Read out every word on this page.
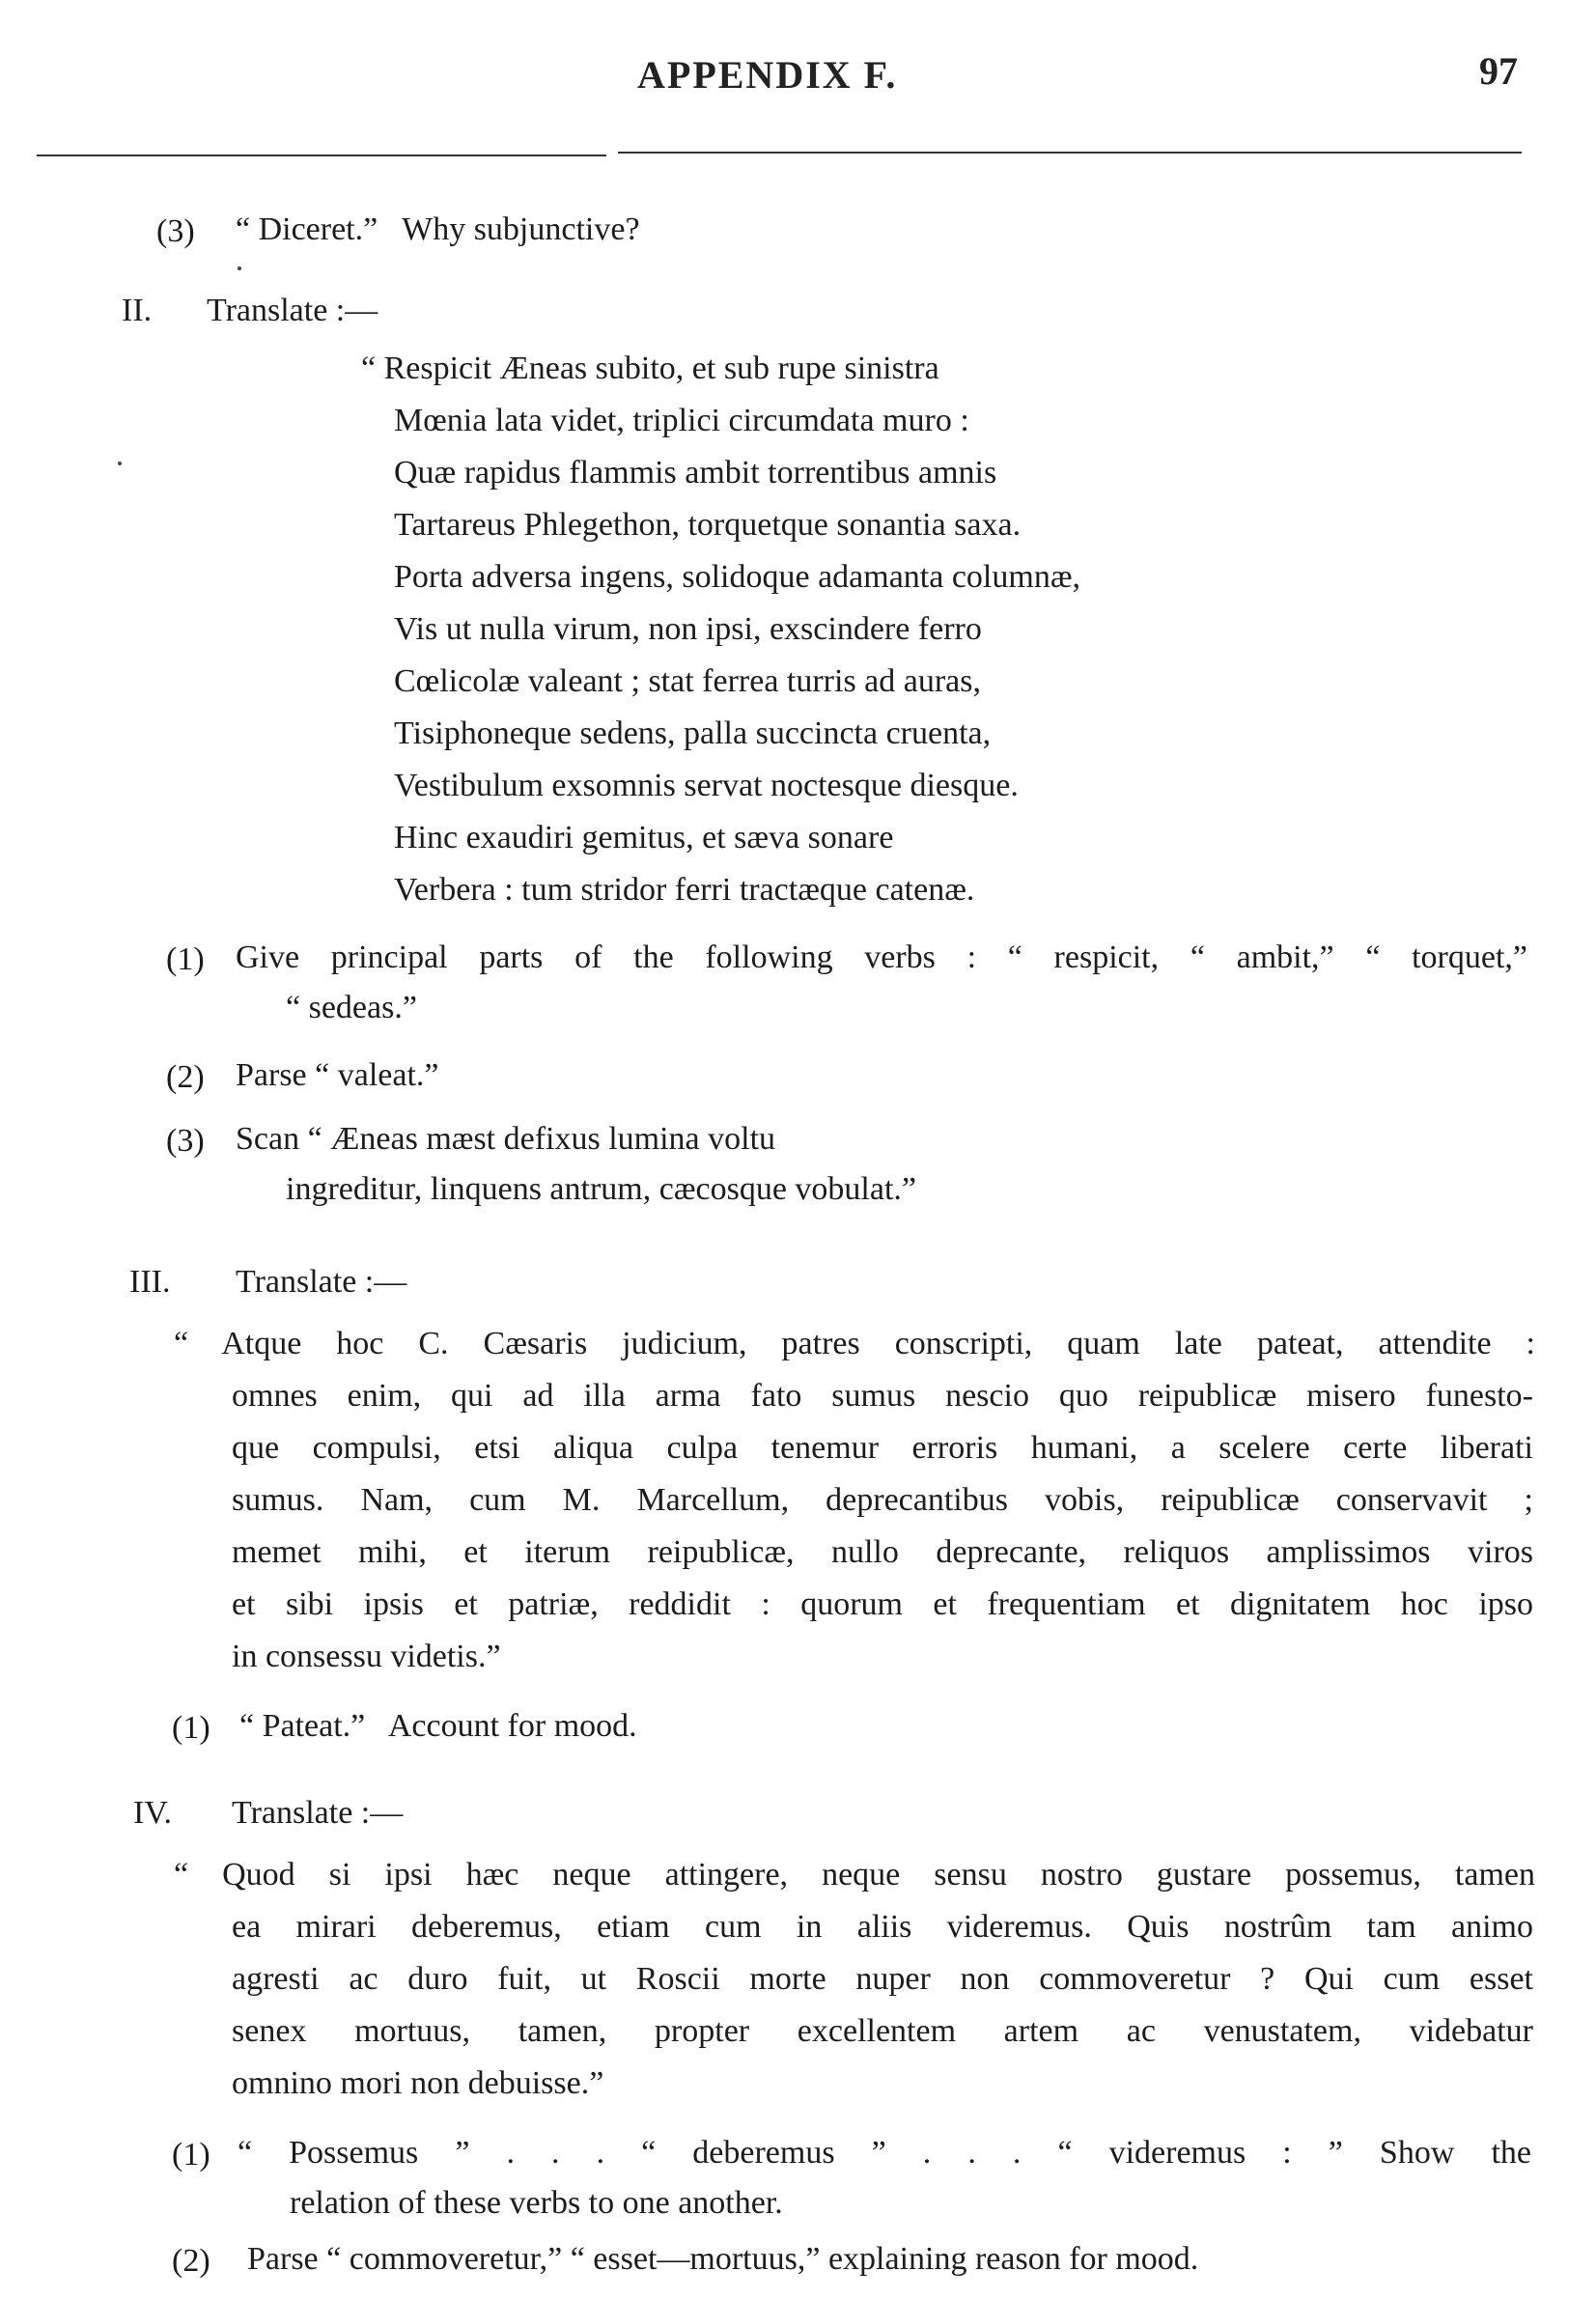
APPENDIX F.	97
(3) “ Diceret.”   Why subjunctive?
II. Translate :—
“ Respicit Æneas subito, et sub rupe sinistra
Mœnia lata videt, triplici circumdata muro :
Quæ rapidus flammis ambit torrentibus amnis
Tartareus Phlegethon, torquetque sonantia saxa.
Porta adversa ingens, solidoque adamanta columnæ,
Vis ut nulla virum, non ipsi, exscindere ferro
Cœlicolæ valeant ; stat ferrea turris ad auras,
Tisiphoneque sedens, palla succincta cruenta,
Vestibulum exsomnis servat noctesque diesque.
Hinc exaudiri gemitus, et sæva sonare
Verbera : tum stridor ferri tractæque catenæ.
(1) Give principal parts of the following verbs : “ respicit, “ ambit,” “ torquet,”
“ sedeas.”
(2) Parse “ valeat.”
(3) Scan “ Æneas mæst defixus lumina voltu
ingreditur, linquens antrum, cæcosque vobulat.”
III. Translate :—
“ Atque hoc C. Cæsaris judicium, patres conscripti, quam late pateat, attendite :
omnes enim, qui ad illa arma fato sumus nescio quo reipublicæ misero funesto-
que compulsi, etsi aliqua culpa tenemur erroris humani, a scelere certe liberati
sumus. Nam, cum M. Marcellum, deprecantibus vobis, reipublicæ conservavit ;
memet mihi, et iterum reipublicæ, nullo deprecante, reliquos amplissimos viros
et sibi ipsis et patriæ, reddidit : quorum et frequentiam et dignitatem hoc ipso
in consessu videtis.”
(1) “ Pateat.”   Account for mood.
IV. Translate :—
“ Quod si ipsi hæc neque attingere, neque sensu nostro gustare possemus, tamen
ea mirari deberemus, etiam cum in aliis videremus. Quis nostrûm tam animo
agresti ac duro fuit, ut Roscii morte nuper non commoveretur ? Qui cum esset
senex mortuus, tamen, propter excellentem artem ac venustatem, videbatur
omnino mori non debuisse.”
(1) “ Possemus ” . . . “ deberemus ” . . . “ videremus : ” Show the
relation of these verbs to one another.
(2) Parse “ commoveretur,” “ esset—mortuus,” explaining reason for mood.
